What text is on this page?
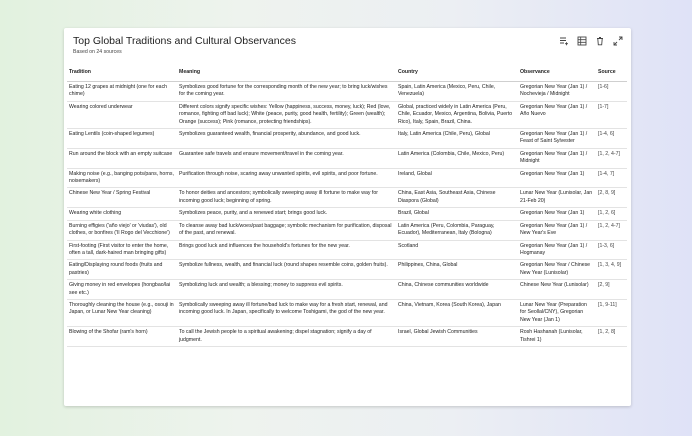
Top Global Traditions and Cultural Observances
Based on 24 sources
Tradition	Meaning	Country	Observance	Source
Eating 12 grapes at midnight (one for each chime)	Symbolizes good fortune for the corresponding month of the new year; to bring luck/wishes for the coming year.	Spain, Latin America (Mexico, Peru, Chile, Venezuela)	Gregorian New Year (Jan 1) / Nochevieja / Midnight	[1-6]
Wearing colored underwear	Different colors signify specific wishes: Yellow (happiness, success, money, luck); Red (love, romance, fighting off bad luck); White (peace, purity, good health, fertility); Green (wealth); Orange (success); Pink (romance, protecting friendships).	Global, practiced widely in Latin America (Peru, Chile, Ecuador, Mexico, Argentina, Bolivia, Puerto Rico), Italy, Spain, Brazil, China.	Gregorian New Year (Jan 1) / Año Nuevo	[1-7]
Eating Lentils (coin-shaped legumes)	Symbolizes guaranteed wealth, financial prosperity, abundance, and good luck.	Italy, Latin America (Chile, Peru), Global	Gregorian New Year (Jan 1) / Feast of Saint Sylvester	[1-4, 6]
Run around the block with an empty suitcase	Guarantee safe travels and ensure movement/travel in the coming year.	Latin America (Colombia, Chile, Mexico, Peru)	Gregorian New Year (Jan 1) / Midnight	[1, 2, 4-7]
Making noise (e.g., banging pots/pans, horns, noisemakers)	Purification through noise, scaring away unwanted spirits, evil spirits, and poor fortune.	Ireland, Global	Gregorian New Year (Jan 1)	[1-4, 7]
Chinese New Year / Spring Festival	To honor deities and ancestors; symbolically sweeping away ill fortune to make way for incoming good luck; beginning of spring.	China, East Asia, Southeast Asia, Chinese Diaspora (Global)	Lunar New Year (Lunisolar, Jan 21-Feb 20)	[2, 8, 9]
Wearing white clothing	Symbolizes peace, purity, and a renewed start; brings good luck.	Brazil, Global	Gregorian New Year (Jan 1)	[1, 2, 6]
Burning effigies ('año viejo' or 'viudas'), old clothes, or bonfires ('Il Rogo del Vecchione')	To cleanse away bad luck/woes/past baggage; symbolic mechanism for purification, disposal of the past, and renewal.	Latin America (Peru, Colombia, Paraguay, Ecuador), Mediterranean, Italy (Bologna)	Gregorian New Year (Jan 1) / New Year's Eve	[1, 2, 4-7]
First-footing (First visitor to enter the home, often a tall, dark-haired man bringing gifts)	Brings good luck and influences the household's fortunes for the new year.	Scotland	Gregorian New Year (Jan 1) / Hogmanay	[1-3, 6]
Eating/Displaying round foods (fruits and pastries)	Symbolize fullness, wealth, and financial luck (round shapes resemble coins, golden fruits).	Philippines, China, Global	Gregorian New Year / Chinese New Year (Lunisolar)	[1, 3, 4, 9]
Giving money in red envelopes (hongbao/lai see etc.)	Symbolizing luck and wealth; a blessing; money to suppress evil spirits.	China, Chinese communities worldwide	Chinese New Year (Lunisolar)	[2, 9]
Thoroughly cleaning the house (e.g., osouji in Japan, or Lunar New Year cleaning)	Symbolically sweeping away ill fortune/bad luck to make way for a fresh start, renewal, and incoming good luck. In Japan, specifically to welcome Toshigami, the god of the new year.	China, Vietnam, Korea (South Korea), Japan	Lunar New Year (Preparation for Seollal/CNY), Gregorian New Year (Jan 1)	[1, 9-11]
Blowing of the Shofar (ram's horn)	To call the Jewish people to a spiritual awakening; dispel stagnation; signify a day of judgment.	Israel, Global Jewish Communities	Rosh Hashanah (Lunisolar, Tishrei 1)	[1, 2, 8]
